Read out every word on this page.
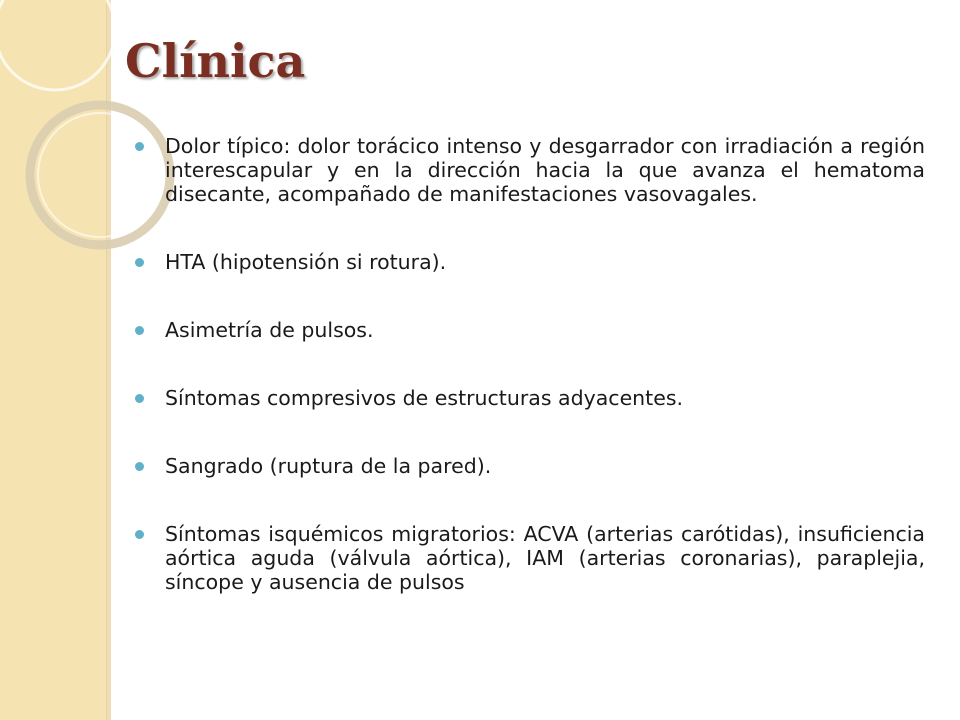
Clínica
Dolor típico: dolor torácico intenso y desgarrador con irradiación a región interescapular y en la dirección hacia la que avanza el hematoma disecante, acompañado de manifestaciones vasovagales.
HTA (hipotensión si rotura).
Asimetría de pulsos.
Síntomas compresivos de estructuras adyacentes.
Sangrado (ruptura de la pared).
Síntomas isquémicos migratorios: ACVA (arterias carótidas), insuficiencia aórtica aguda (válvula aórtica), IAM (arterias coronarias), paraplejia, síncope y ausencia de pulsos
